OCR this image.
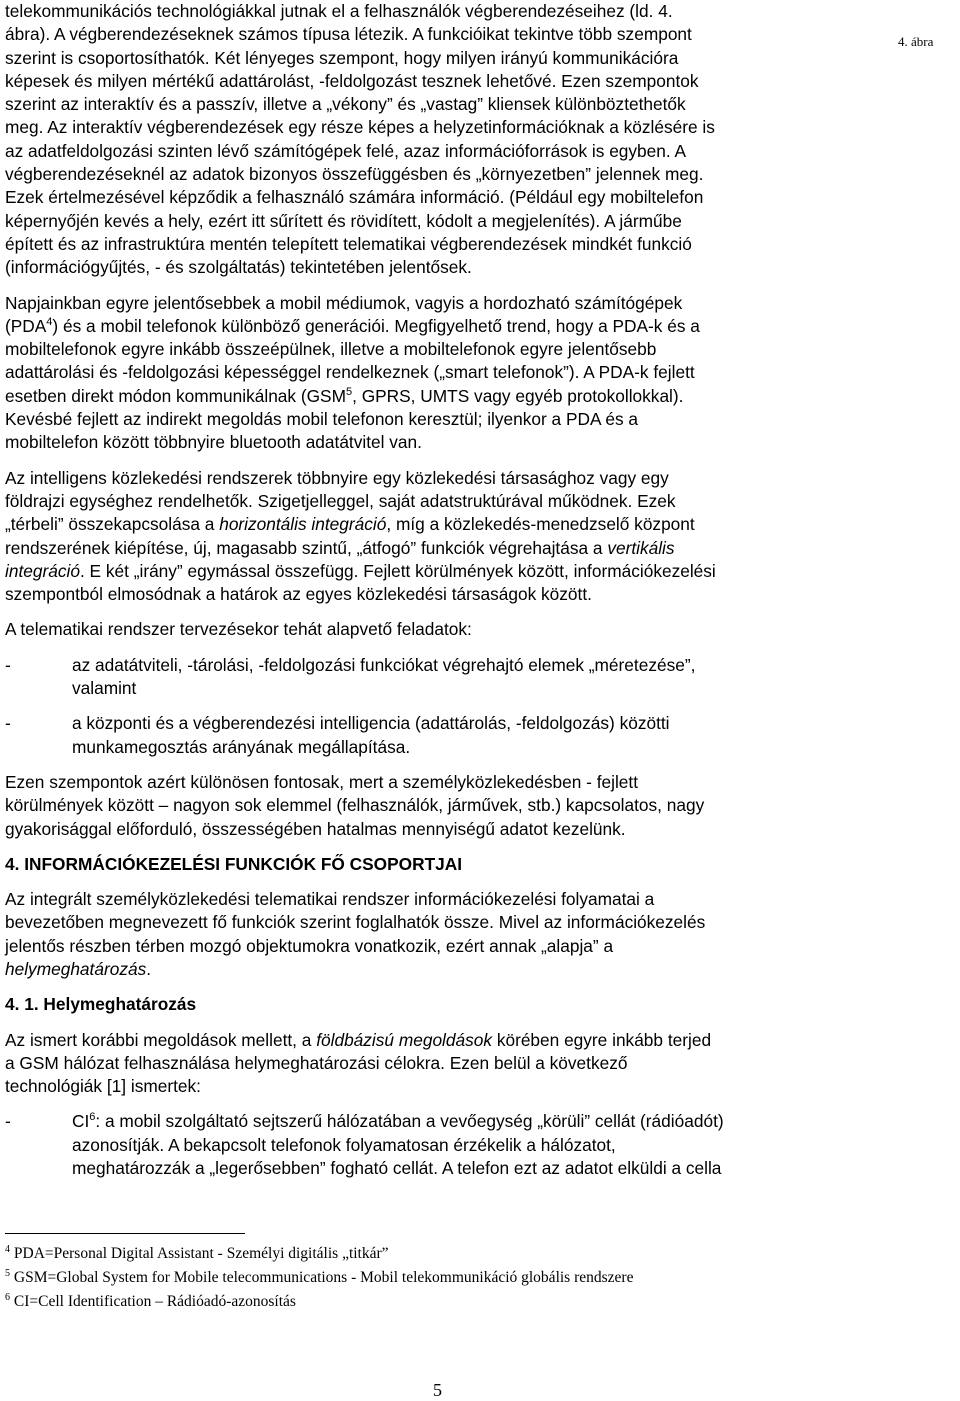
4. ábra
telekommunikációs technológiákkal jutnak el a felhasználók végberendezéseihez (ld. 4.
ábra). A végberendezéseknek számos típusa létezik. A funkcióikat tekintve több szempont
szerint is csoportosíthatók. Két lényeges szempont, hogy milyen irányú kommunikációra
képesek és milyen mértékű adattárolást, -feldolgozást tesznek lehetővé. Ezen szempontok
szerint az interaktív és a passzív, illetve a „vékony” és „vastag” kliensek különböztethetők
meg. Az interaktív végberendezések egy része képes a helyzetinformációknak a közlésére is
az adatfeldolgozási szinten lévő számítógépek felé, azaz információforrások is egyben. A
végberendezéseknél az adatok bizonyos összefüggésben és „környezetben” jelennek meg.
Ezek értelmezésével képződik a felhasználó számára információ. (Például egy mobiltelefon
képernyőjén kevés a hely, ezért itt sűrített és rövidített, kódolt a megjelenítés). A járműbe
épített és az infrastruktúra mentén telepített telematikai végberendezések mindkét funkció
(információgyűjtés, - és szolgáltatás) tekintetében jelentősek.
Napjainkban egyre jelentősebbek a mobil médiumok, vagyis a hordozható számítógépek
(PDA$^4$) és a mobil telefonok különböző generációi. Megfigyelhető trend, hogy a PDA-k és a
mobiltelefonok egyre inkább összeépülnek, illetve a mobiltelefonok egyre jelentősebb
adattárolási és -feldolgozási képességgel rendelkeznek („smart telefonok”). A PDA-k fejlett
esetben direkt módon kommunikálnak (GSM$^5$, GPRS, UMTS vagy egyéb protokollokkal).
Kevésbé fejlett az indirekt megoldás mobil telefonon keresztül; ilyenkor a PDA és a
mobiltelefon között többnyire bluetooth adatátvitel van.
Az intelligens közlekedési rendszerek többnyire egy közlekedési társasághoz vagy egy
földrajzi egységhez rendelhetők. Szigetjelleggel, saját adatstruktúrával működnek. Ezek
„térbeli” összekapcsolása a horizontális integráció, míg a közlekedés-menedzselő központ
rendszerének kiépítése, új, magasabb szintű, „átfogó” funkciók végrehajtása a vertikális
integráció. E két „irány” egymással összefügg. Fejlett körülmények között, információkezelési
szempontból elmosódnak a határok az egyes közlekedési társaságok között.
A telematikai rendszer tervezésekor tehát alapvető feladatok:
-	az adatátviteli, -tárolási, -feldolgozási funkciókat végrehajtó elemek „méretezése”,
valamint
-	a központi és a végberendezési intelligencia (adattárolás, -feldolgozás) közötti
munkamegosztás arányának megállapítása.
Ezen szempontok azért különösen fontosak, mert a személyközlekedésben - fejlett
körülmények között – nagyon sok elemmel (felhasználók, járművek, stb.) kapcsolatos, nagy
gyakorisággal előforduló, összességében hatalmas mennyiségű adatot kezelünk.
4. INFORMÁCIÓKEZELÉSI FUNKCIÓK FŐ CSOPORTJAI
Az integrált személyközlekedési telematikai rendszer információkezelési folyamatai a
bevezetőben megnevezett fő funkciók szerint foglalhatók össze. Mivel az információkezelés
jelentős részben térben mozgó objektumokra vonatkozik, ezért annak „alapja” a
helymeghatározás.
4. 1. Helymeghatározás
Az ismert korábbi megoldások mellett, a földbázisú megoldások körében egyre inkább terjed
a GSM hálózat felhasználása helymeghatározási célokra. Ezen belül a következő
technológiák [1] ismertek:
-	$CI^6$: a mobil szolgáltató sejtszerű hálózatában a vevőegység „körüli” cellát (rádióadót)
azonosítják. A bekapcsolt telefonok folyamatosan érzékelik a hálózatot,
meghatározzák a „legerősebben” fogható cellát. A telefon ezt az adatot elküldi a cella
$^4$ PDA=Personal Digital Assistant - Személyi digitális „titkár”
$^5$ GSM=Global System for Mobile telecommunications - Mobil telekommunikáció globális rendszere
$^6$ CI=Cell Identification – Rádióadó-azonosítás
5
